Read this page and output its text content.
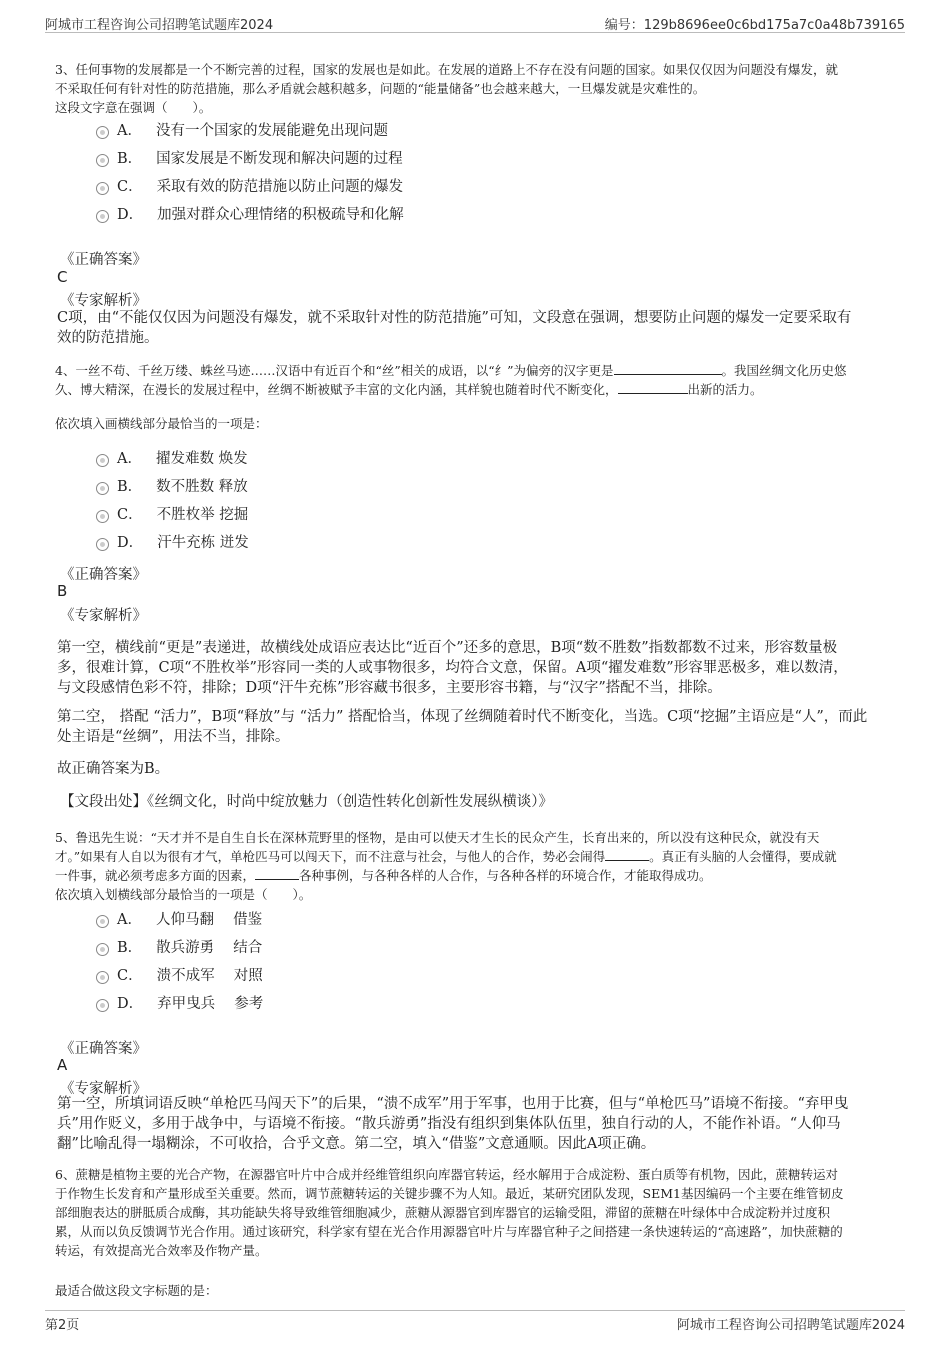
阿城市工程咨询公司招聘笔试题库2024	编号：129b8696ee0c6bd175a7c0a48b739165
3、任何事物的发展都是一个不断完善的过程，国家的发展也是如此。在发展的道路上不存在没有问题的国家。如果仅仅因为问题没有爆发，就
不采取任何有针对性的防范措施，那么矛盾就会越积越多，问题的“能量储备”也会越来越大，一旦爆发就是灾难性的。
这段文字意在强调（　　）。
A． 没有一个国家的发展能避免出现问题
B． 国家发展是不断发现和解决问题的过程
C． 采取有效的防范措施以防止问题的爆发
D． 加强对群众心理情绪的积极疏导和化解
《正确答案》
C
《专家解析》
C项，由“不能仅仅因为问题没有爆发，就不采取针对性的防范措施”可知，文段意在强调，想要防止问题的爆发一定要采取有
效的防范措施。
4、一丝不苟、千丝万缕、蛛丝马迹……汉语中有近百个和“丝”相关的成语，以“纟”为偏旁的汉字更是	。我国丝绸文化历史悠
久、博大精深，在漫长的发展过程中，丝绸不断被赋予丰富的文化内涵，其样貌也随着时代不断变化，	出新的活力。
依次填入画横线部分最恰当的一项是：
A． 擢发难数 焕发
B． 数不胜数 释放
C． 不胜枚举 挖掘
D． 汗牛充栋 迸发
《正确答案》
B
《专家解析》
第一空，横线前“更是”表递进，故横线处成语应表达比“近百个”还多的意思，B项“数不胜数”指数都数不过来，形容数量极
多，很难计算，C项“不胜枚举”形容同一类的人或事物很多，均符合文意，保留。A项“擢发难数”形容罪恶极多，难以数清，
与文段感情色彩不符，排除；D项“汗牛充栋”形容藏书很多，主要形容书籍，与“汉字”搭配不当，排除。
第二空， 搭配 “活力”，B项“释放”与 “活力” 搭配恰当，体现了丝绸随着时代不断变化，当选。C项“挖掘”主语应是“人”，而此
处主语是“丝绸”，用法不当，排除。
故正确答案为B。
【文段出处】《丝绸文化，时尚中绽放魅力（创造性转化创新性发展纵横谈）》
5、鲁迅先生说：“天才并不是自生自长在深林荒野里的怪物，是由可以使天才生长的民众产生，长育出来的，所以没有这种民众，就没有天
才。”如果有人自以为很有才气，单枪匹马可以闯天下，而不注意与社会，与他人的合作，势必会闹得	。真正有头脑的人会懂得，要成就
一件事，就必须考虑多方面的因素，	各种事例，与各种各样的人合作，与各种各样的环境合作，才能取得成功。
依次填入划横线部分最恰当的一项是（　　）。
A． 人仰马翻　 借鉴
B． 散兵游勇　 结合
C． 溃不成军　 对照
D． 弃甲曳兵　 参考
《正确答案》
A
《专家解析》
第一空，所填词语反映“单枪匹马闯天下”的后果，“溃不成军”用于军事，也用于比赛，但与“单枪匹马”语境不衔接。“弃甲曳
兵”用作贬义，多用于战争中，与语境不衔接。“散兵游勇”指没有组织到集体队伍里，独自行动的人，不能作补语。“人仰马
翻”比喻乱得一塌糊涂，不可收拾，合乎文意。第二空，填入“借鉴”文意通顺。因此A项正确。
6、蔗糖是植物主要的光合产物，在源器官叶片中合成并经维管组织向库器官转运，经水解用于合成淀粉、蛋白质等有机物，因此，蔗糖转运对
于作物生长发育和产量形成至关重要。然而，调节蔗糖转运的关键步骤不为人知。最近，某研究团队发现，SEM1基因编码一个主要在维管韧皮
部细胞表达的胼胝质合成酶，其功能缺失将导致维管细胞减少，蔗糖从源器官到库器官的运输受阻，滞留的蔗糖在叶绿体中合成淀粉并过度积
累，从而以负反馈调节光合作用。通过该研究，科学家有望在光合作用源器官叶片与库器官种子之间搭建一条快速转运的“高速路”，加快蔗糖的
转运，有效提高光合效率及作物产量。
最适合做这段文字标题的是：
第2页	阿城市工程咨询公司招聘笔试题库2024
